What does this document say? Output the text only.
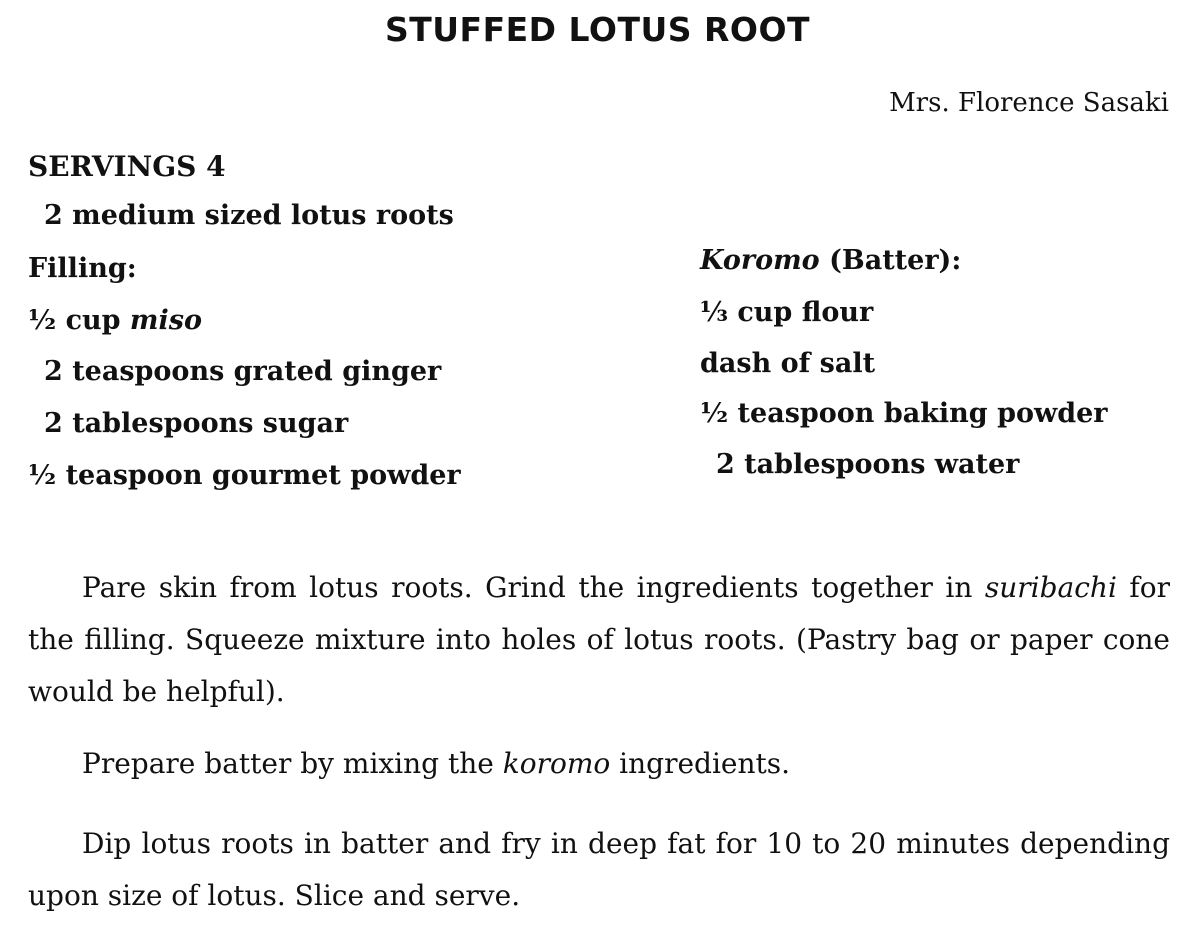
STUFFED LOTUS ROOT
Mrs. Florence Sasaki
SERVINGS 4
2 medium sized lotus roots
Filling:
½ cup miso
2 teaspoons grated ginger
2 tablespoons sugar
½ teaspoon gourmet powder
Koromo (Batter):
⅓ cup flour
dash of salt
½ teaspoon baking powder
2 tablespoons water

Pare skin from lotus roots. Grind the ingredients together in suribachi for the filling. Squeeze mixture into holes of lotus roots. (Pastry bag or paper cone would be helpful).

Prepare batter by mixing the koromo ingredients.

Dip lotus roots in batter and fry in deep fat for 10 to 20 minutes depending upon size of lotus. Slice and serve.
